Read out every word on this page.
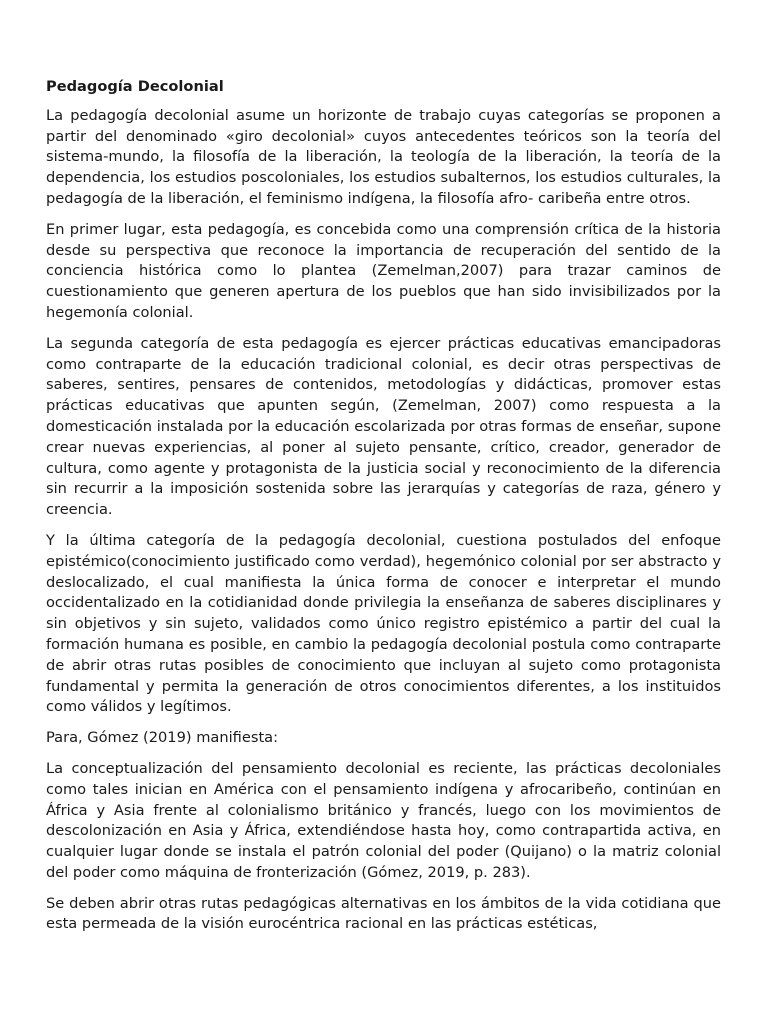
Pedagogía Decolonial

La pedagogía decolonial asume un horizonte de trabajo cuyas categorías se proponen a partir del denominado «giro decolonial» cuyos antecedentes teóricos son la teoría del sistema-mundo, la filosofía de la liberación, la teología de la liberación, la teoría de la dependencia, los estudios poscoloniales, los estudios subalternos, los estudios culturales, la pedagogía de la liberación, el feminismo indígena, la filosofía afro- caribeña entre otros.

En primer lugar, esta pedagogía, es concebida como una comprensión crítica de la historia desde su perspectiva que reconoce la importancia de recuperación del sentido de la conciencia histórica como lo plantea (Zemelman,2007) para trazar caminos de cuestionamiento que generen apertura de los pueblos que han sido invisibilizados por la hegemonía colonial.

La segunda categoría de esta pedagogía es ejercer prácticas educativas emancipadoras como contraparte de la educación tradicional colonial, es decir otras perspectivas de saberes, sentires, pensares de contenidos, metodologías y didácticas, promover estas prácticas educativas que apunten según, (Zemelman, 2007) como respuesta a la domesticación instalada por la educación escolarizada por otras formas de enseñar, supone crear nuevas experiencias, al poner al sujeto pensante, crítico, creador, generador de cultura, como agente y protagonista de la justicia social y reconocimiento de la diferencia sin recurrir a la imposición sostenida sobre las jerarquías y categorías de raza, género y creencia.

Y la última categoría de la pedagogía decolonial, cuestiona postulados del enfoque epistémico(conocimiento justificado como verdad), hegemónico colonial por ser abstracto y deslocalizado, el cual manifiesta la única forma de conocer e interpretar el mundo occidentalizado en la cotidianidad donde privilegia la enseñanza de saberes disciplinares y sin objetivos y sin sujeto, validados como único registro epistémico a partir del cual la formación humana es posible, en cambio la pedagogía decolonial postula como contraparte de abrir otras rutas posibles de conocimiento que incluyan al sujeto como protagonista fundamental y permita la generación de otros conocimientos diferentes, a los instituidos como válidos y legítimos.

Para, Gómez (2019) manifiesta:

La conceptualización del pensamiento decolonial es reciente, las prácticas decoloniales como tales inician en América con el pensamiento indígena y afrocaribeño, continúan en África y Asia frente al colonialismo británico y francés, luego con los movimientos de descolonización en Asia y África, extendiéndose hasta hoy, como contrapartida activa, en cualquier lugar donde se instala el patrón colonial del poder (Quijano) o la matriz colonial del poder como máquina de fronterización (Gómez, 2019, p. 283).

Se deben abrir otras rutas pedagógicas alternativas en los ámbitos de la vida cotidiana que esta permeada de la visión eurocéntrica racional en las prácticas estéticas,
